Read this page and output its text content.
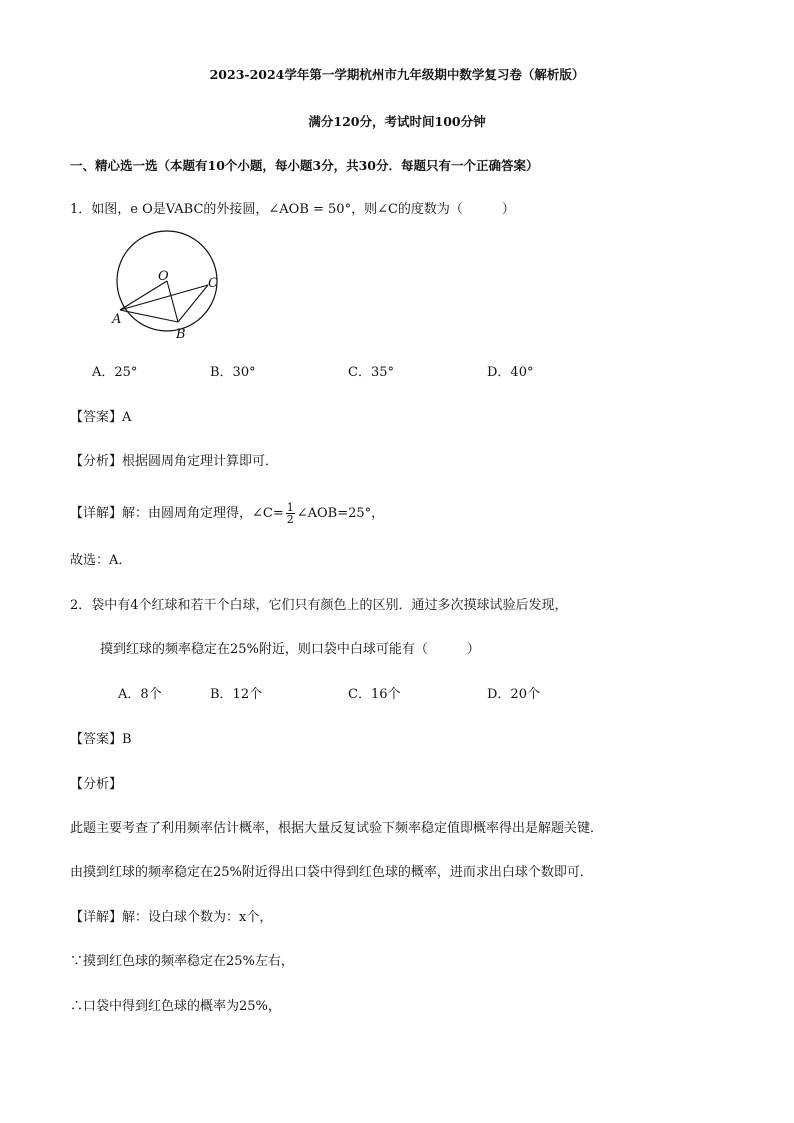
2023-2024学年第一学期杭州市九年级期中数学复习卷（解析版）
满分120分，考试时间100分钟
一、精心选一选（本题有10个小题，每小题3分，共30分．每题只有一个正确答案）
1．如图，e O是VABC的外接圆，∠AOB = 50°，则∠C的度数为（　　　）
O
A
B
C
A．25°	B．30°	C．35°	D．40°
【答案】A
【分析】根据圆周角定理计算即可．
【详解】解：由圆周角定理得，∠C= $\frac{1}{2}$ ∠AOB=25°，
故选：A．
2．袋中有4个红球和若干个白球，它们只有颜色上的区别．通过多次摸球试验后发现，
摸到红球的频率稳定在25%附近，则口袋中白球可能有（　　　）
A．8个	B．12个	C．16个	D．20个
【答案】B
【分析】
此题主要考查了利用频率估计概率，根据大量反复试验下频率稳定值即概率得出是解题关键．
由摸到红球的频率稳定在25%附近得出口袋中得到红色球的概率，进而求出白球个数即可．
【详解】解：设白球个数为：x个，
∵摸到红色球的频率稳定在25%左右，
∴口袋中得到红色球的概率为25%，
